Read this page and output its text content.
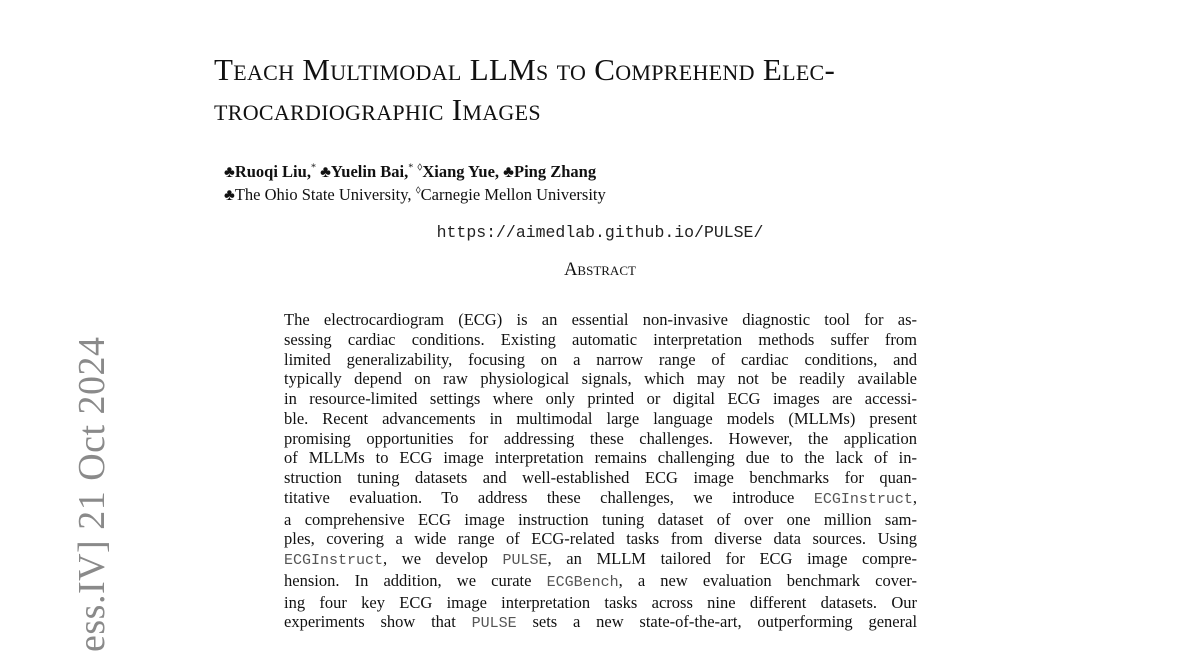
ess.IV] 21 Oct 2024
Teach Multimodal LLMs to Comprehend Elec-
trocardiographic Images
♣Ruoqi Liu,* ♣Yuelin Bai,* ◊Xiang Yue, ♣Ping Zhang
♣The Ohio State University, ◊Carnegie Mellon University
https://aimedlab.github.io/PULSE/
Abstract
The electrocardiogram (ECG) is an essential non-invasive diagnostic tool for as-
sessing cardiac conditions. Existing automatic interpretation methods suffer from
limited generalizability, focusing on a narrow range of cardiac conditions, and
typically depend on raw physiological signals, which may not be readily available
in resource-limited settings where only printed or digital ECG images are accessi-
ble. Recent advancements in multimodal large language models (MLLMs) present
promising opportunities for addressing these challenges. However, the application
of MLLMs to ECG image interpretation remains challenging due to the lack of in-
struction tuning datasets and well-established ECG image benchmarks for quan-
titative evaluation. To address these challenges, we introduce ECGInstruct,
a comprehensive ECG image instruction tuning dataset of over one million sam-
ples, covering a wide range of ECG-related tasks from diverse data sources. Using
ECGInstruct, we develop PULSE, an MLLM tailored for ECG image compre-
hension. In addition, we curate ECGBench, a new evaluation benchmark cover-
ing four key ECG image interpretation tasks across nine different datasets. Our
experiments show that PULSE sets a new state-of-the-art, outperforming general
